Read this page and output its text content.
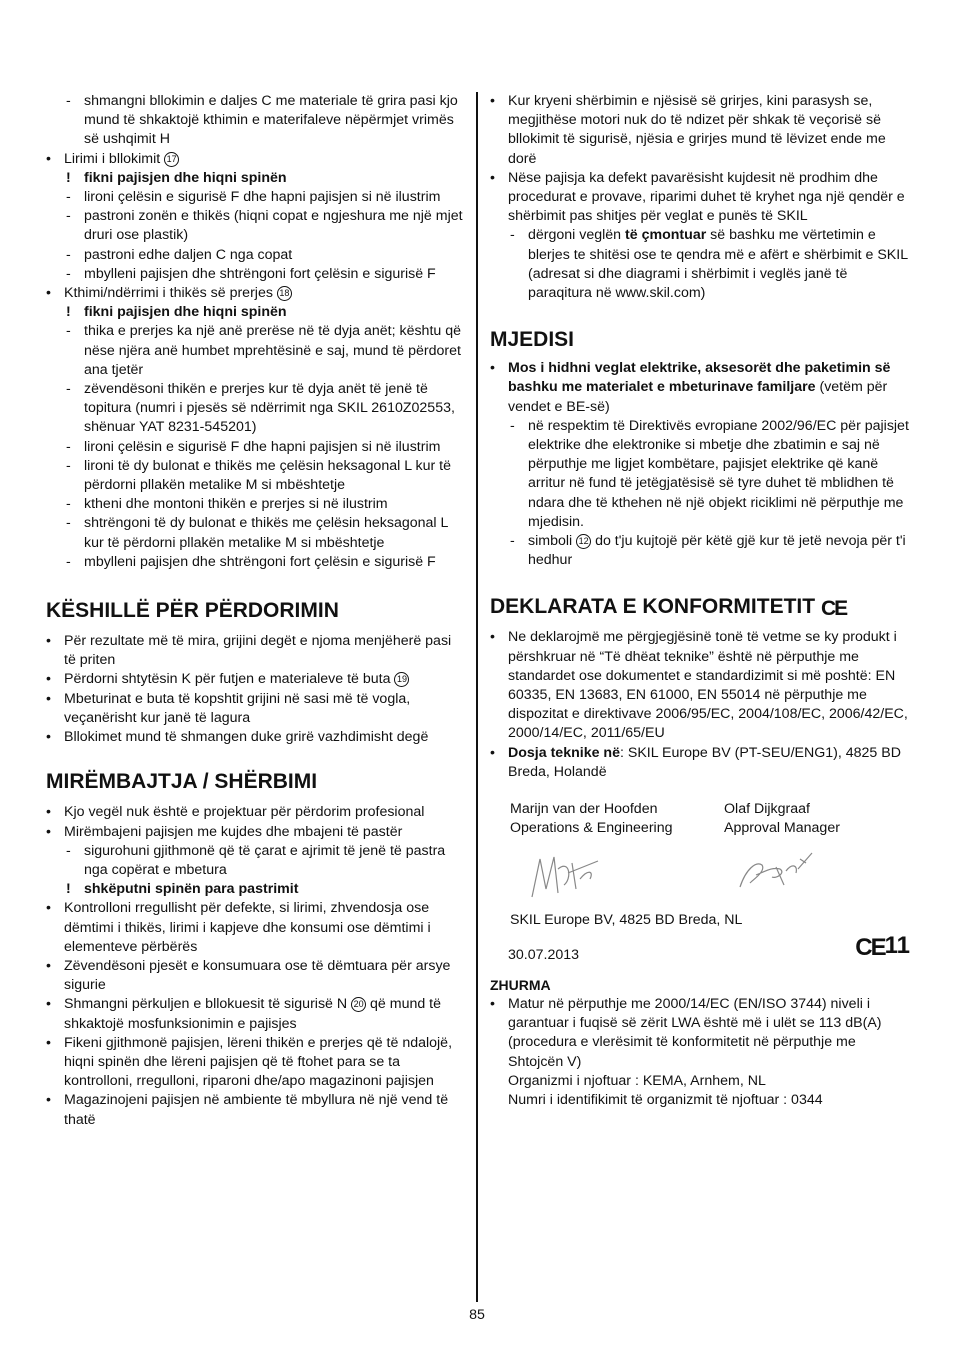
- shmangni bllokimin e daljes C me materiale të grira pasi kjo mund të shkaktojë kthimin e materifaleve nëpërmjet vrimës së ushqimit H
• Lirimi i bllokimit 17
! fikni pajisjen dhe hiqni spinën
- lironi çelësin e sigurisë F dhe hapni pajisjen si në ilustrim
- pastroni zonën e thikës (hiqni copat e ngjeshura me një mjet druri ose plastik)
- pastroni edhe daljen C nga copat
- mbylleni pajisjen dhe shtrëngoni fort çelësin e sigurisë F
• Kthimi/ndërrimi i thikës së prerjes 18
! fikni pajisjen dhe hiqni spinën
- thika e prerjes ka një anë prerëse në të dyja anët; kështu që nëse njëra anë humbet mprehtësinë e saj, mund të përdoret ana tjetër
- zëvendësoni thikën e prerjes kur të dyja anët të jenë të topitura (numri i pjesës së ndërrimit nga SKIL 2610Z02553, shënuar YAT 8231-545201)
- lironi çelësin e sigurisë F dhe hapni pajisjen si në ilustrim
- lironi të dy bulonat e thikës me çelësin heksagonal L kur të përdorni pllakën metalike M si mbështetje
- ktheni dhe montoni thikën e prerjes si në ilustrim
- shtrëngoni të dy bulonat e thikës me çelësin heksagonal L kur të përdorni pllakën metalike M si mbështetje
- mbylleni pajisjen dhe shtrëngoni fort çelësin e sigurisë F
KËSHILLË PËR PËRDORIMIN
• Për rezultate më të mira, grijini degët e njoma menjëherë pasi të priten
• Përdorni shtytësin K për futjen e materialeve të buta 19
• Mbeturinat e buta të kopshtit grijini në sasi më të vogla, veçanërisht kur janë të lagura
• Bllokimet mund të shmangen duke grirë vazhdimisht degë
MIRËMBAJTJA / SHËRBIMI
• Kjo vegël nuk është e projektuar për përdorim profesional
• Mirëmbajeni pajisjen me kujdes dhe mbajeni të pastër
- sigurohuni gjithmonë që të çarat e ajrimit të jenë të pastra nga copërat e mbetura
! shkëputni spinën para pastrimit
• Kontrolloni rregullisht për defekte, si lirimi, zhvendosja ose dëmtimi i thikës, lirimi i kapjeve dhe konsumi ose dëmtimi i elementeve përbërës
• Zëvendësoni pjesët e konsumuara ose të dëmtuara për arsye sigurie
• Shmangni përkuljen e bllokuesit të sigurisë N 20 që mund të shkaktojë mosfunksionimin e pajisjes
• Fikeni gjithmonë pajisjen, lëreni thikën e prerjes që të ndalojë, hiqni spinën dhe lëreni pajisjen që të ftohet para se ta kontrolloni, rregulloni, riparoni dhe/apo magazinoni pajisjen
• Magazinojeni pajisjen në ambiente të mbyllura në një vend të thatë
• Kur kryeni shërbimin e njësisë së grirjes, kini parasysh se, megjithëse motori nuk do të ndizet për shkak të veçorisë së bllokimit të sigurisë, njësia e grirjes mund të lëvizet ende me dorë
• Nëse pajisja ka defekt pavarësisht kujdesit në prodhim dhe procedurat e provave, riparimi duhet të kryhet nga një qendër e shërbimit pas shitjes për veglat e punës të SKIL
- dërgoni veglën të çmontuar së bashku me vërtetimin e blerjes te shitësi ose te qendra më e afërt e shërbimit e SKIL (adresat si dhe diagrami i shërbimit i veglës janë të paraqitura në www.skil.com)
MJEDISI
• Mos i hidhni veglat elektrike, aksesorët dhe paketimin së bashku me materialet e mbeturinave familjare (vetëm për vendet e BE-së)
- në respektim të Direktivës evropiane 2002/96/EC për pajisjet elektrike dhe elektronike si mbetje dhe zbatimin e saj në përputhje me ligjet kombëtare, pajisjet elektrike që kanë arritur në fund të jetëgjatësisë së tyre duhet të mblidhen të ndara dhe të kthehen në një objekt riciklimi në përputhje me mjedisin.
- simboli 12 do t'ju kujtojë për këtë gjë kur të jetë nevoja për t'i hedhur
DEKLARATA E KONFORMITETIT CE
• Ne deklarojmë me përgjegjësinë tonë të vetme se ky produkt i përshkruar në “Të dhëat teknike” është në përputhje me standardet ose dokumentet e standardizimit si më poshtë: EN 60335, EN 13683, EN 61000, EN 55014 në përputhje me dispozitat e direktivave 2006/95/EC, 2004/108/EC, 2006/42/EC, 2000/14/EC, 2011/65/EU
• Dosja teknike në: SKIL Europe BV (PT-SEU/ENG1), 4825 BD Breda, Holandë
Marijn van der Hoofden
Operations & Engineering
Olaf Dijkgraaf
Approval Manager
SKIL Europe BV, 4825 BD Breda, NL
30.07.2013	CE11
ZHURMA
• Matur në përputhje me 2000/14/EC (EN/ISO 3744) niveli i garantuar i fuqisë së zërit LWA është më i ulët se 113 dB(A) (procedura e vlerësimit të konformitetit në përputhje me Shtojcën V)
Organizmi i njoftuar : KEMA, Arnhem, NL
Numri i identifikimit të organizmit të njoftuar : 0344
85
